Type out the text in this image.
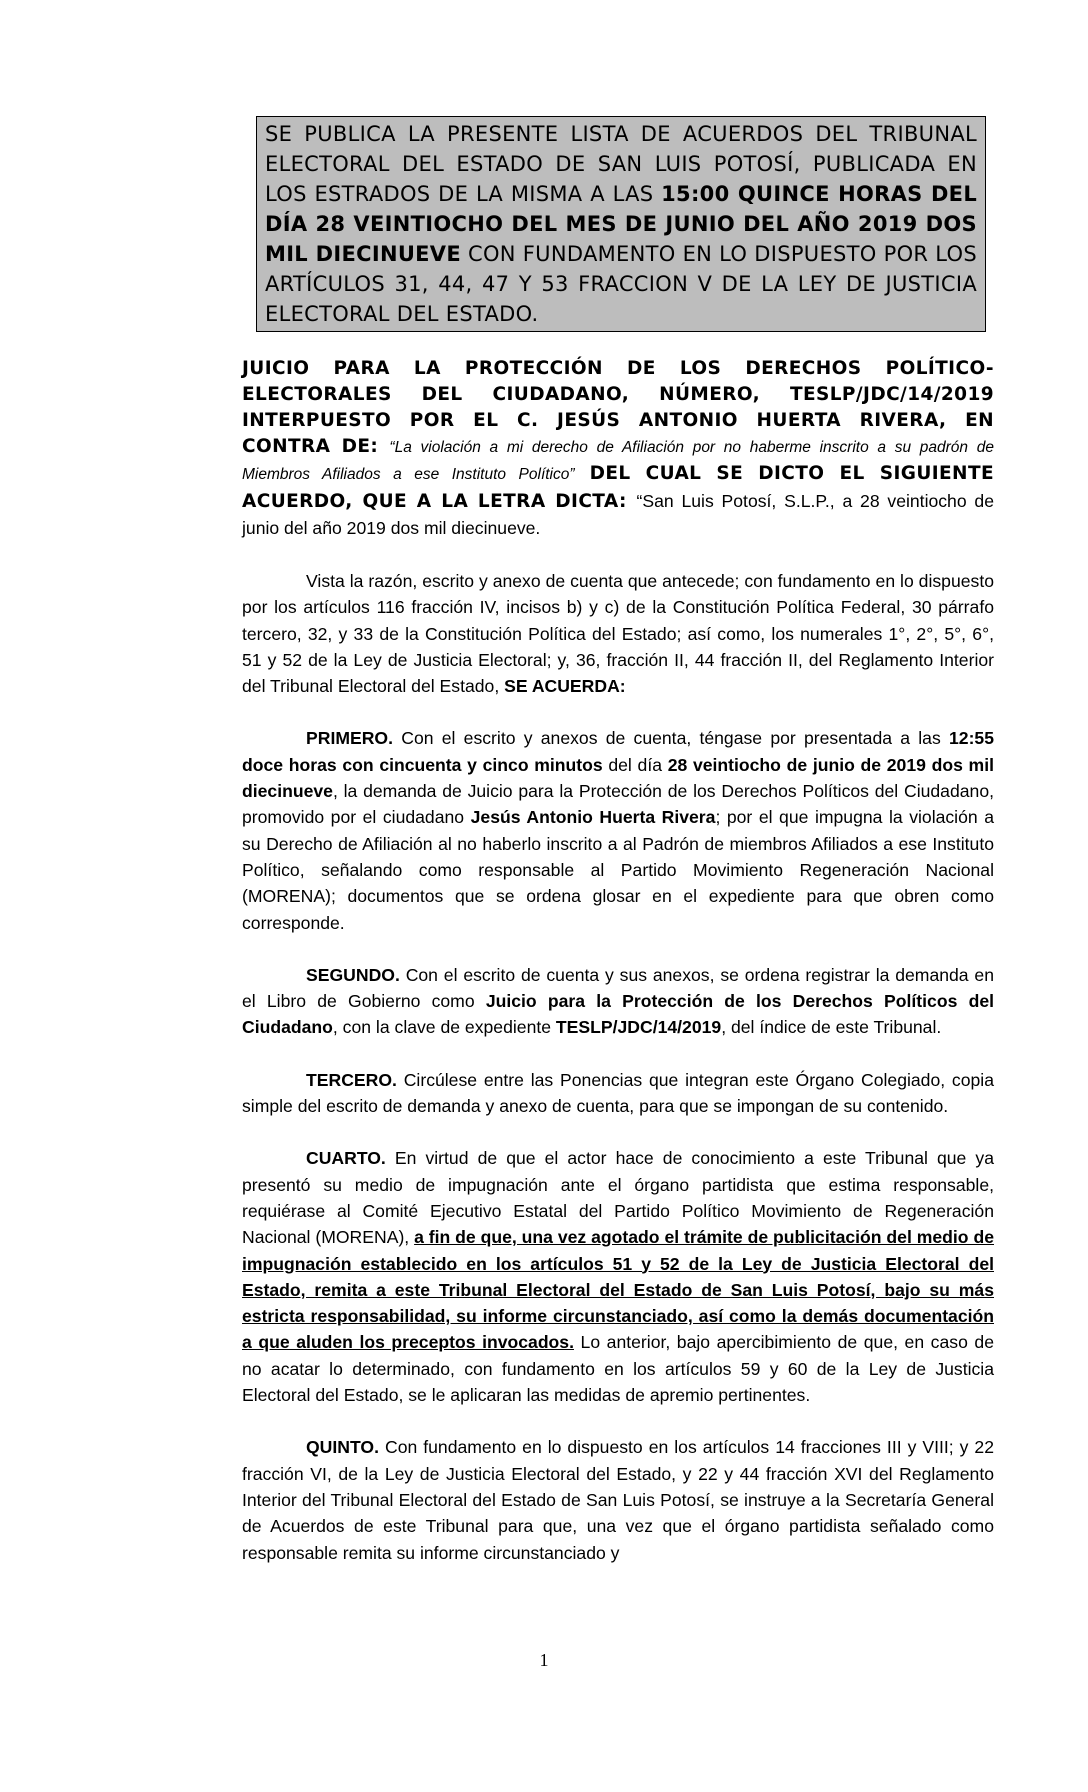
SE PUBLICA LA PRESENTE LISTA DE ACUERDOS DEL TRIBUNAL ELECTORAL DEL ESTADO DE SAN LUIS POTOSÍ, PUBLICADA EN LOS ESTRADOS DE LA MISMA A LAS 15:00 QUINCE HORAS DEL DÍA 28 VEINTIOCHO DEL MES DE JUNIO DEL AÑO 2019 DOS MIL DIECINUEVE CON FUNDAMENTO EN LO DISPUESTO POR LOS ARTÍCULOS 31, 44, 47 Y 53 FRACCION V DE LA LEY DE JUSTICIA ELECTORAL DEL ESTADO.

JUICIO PARA LA PROTECCIÓN DE LOS DERECHOS POLÍTICO-ELECTORALES DEL CIUDADANO, NÚMERO, TESLP/JDC/14/2019 INTERPUESTO POR EL C. JESÚS ANTONIO HUERTA RIVERA, EN CONTRA DE: “La violación a mi derecho de Afiliación por no haberme inscrito a su padrón de Miembros Afiliados a ese Instituto Político” DEL CUAL SE DICTO EL SIGUIENTE ACUERDO, QUE A LA LETRA DICTA: “San Luis Potosí, S.L.P., a 28 veintiocho de junio del año 2019 dos mil diecinueve.

Vista la razón, escrito y anexo de cuenta que antecede; con fundamento en lo dispuesto por los artículos 116 fracción IV, incisos b) y c) de la Constitución Política Federal, 30 párrafo tercero, 32, y 33 de la Constitución Política del Estado; así como, los numerales 1°, 2°, 5°, 6°, 51 y 52 de la Ley de Justicia Electoral; y, 36, fracción II, 44 fracción II, del Reglamento Interior del Tribunal Electoral del Estado, SE ACUERDA:

PRIMERO. Con el escrito y anexos de cuenta, téngase por presentada a las 12:55 doce horas con cincuenta y cinco minutos del día 28 veintiocho de junio de 2019 dos mil diecinueve, la demanda de Juicio para la Protección de los Derechos Políticos del Ciudadano, promovido por el ciudadano Jesús Antonio Huerta Rivera; por el que impugna la violación a su Derecho de Afiliación al no haberlo inscrito a al Padrón de miembros Afiliados a ese Instituto Político, señalando como responsable al Partido Movimiento Regeneración Nacional (MORENA); documentos que se ordena glosar en el expediente para que obren como corresponde.

SEGUNDO. Con el escrito de cuenta y sus anexos, se ordena registrar la demanda en el Libro de Gobierno como Juicio para la Protección de los Derechos Políticos del Ciudadano, con la clave de expediente TESLP/JDC/14/2019, del índice de este Tribunal.

TERCERO. Circúlese entre las Ponencias que integran este Órgano Colegiado, copia simple del escrito de demanda y anexo de cuenta, para que se impongan de su contenido.

CUARTO. En virtud de que el actor hace de conocimiento a este Tribunal que ya presentó su medio de impugnación ante el órgano partidista que estima responsable, requiérase al Comité Ejecutivo Estatal del Partido Político Movimiento de Regeneración Nacional (MORENA), a fin de que, una vez agotado el trámite de publicitación del medio de impugnación establecido en los artículos 51 y 52 de la Ley de Justicia Electoral del Estado, remita a este Tribunal Electoral del Estado de San Luis Potosí, bajo su más estricta responsabilidad, su informe circunstanciado, así como la demás documentación a que aluden los preceptos invocados. Lo anterior, bajo apercibimiento de que, en caso de no acatar lo determinado, con fundamento en los artículos 59 y 60 de la Ley de Justicia Electoral del Estado, se le aplicaran las medidas de apremio pertinentes.

QUINTO. Con fundamento en lo dispuesto en los artículos 14 fracciones III y VIII; y 22 fracción VI, de la Ley de Justicia Electoral del Estado, y 22 y 44 fracción XVI del Reglamento Interior del Tribunal Electoral del Estado de San Luis Potosí, se instruye a la Secretaría General de Acuerdos de este Tribunal para que, una vez que el órgano partidista señalado como responsable remita su informe circunstanciado y

1
